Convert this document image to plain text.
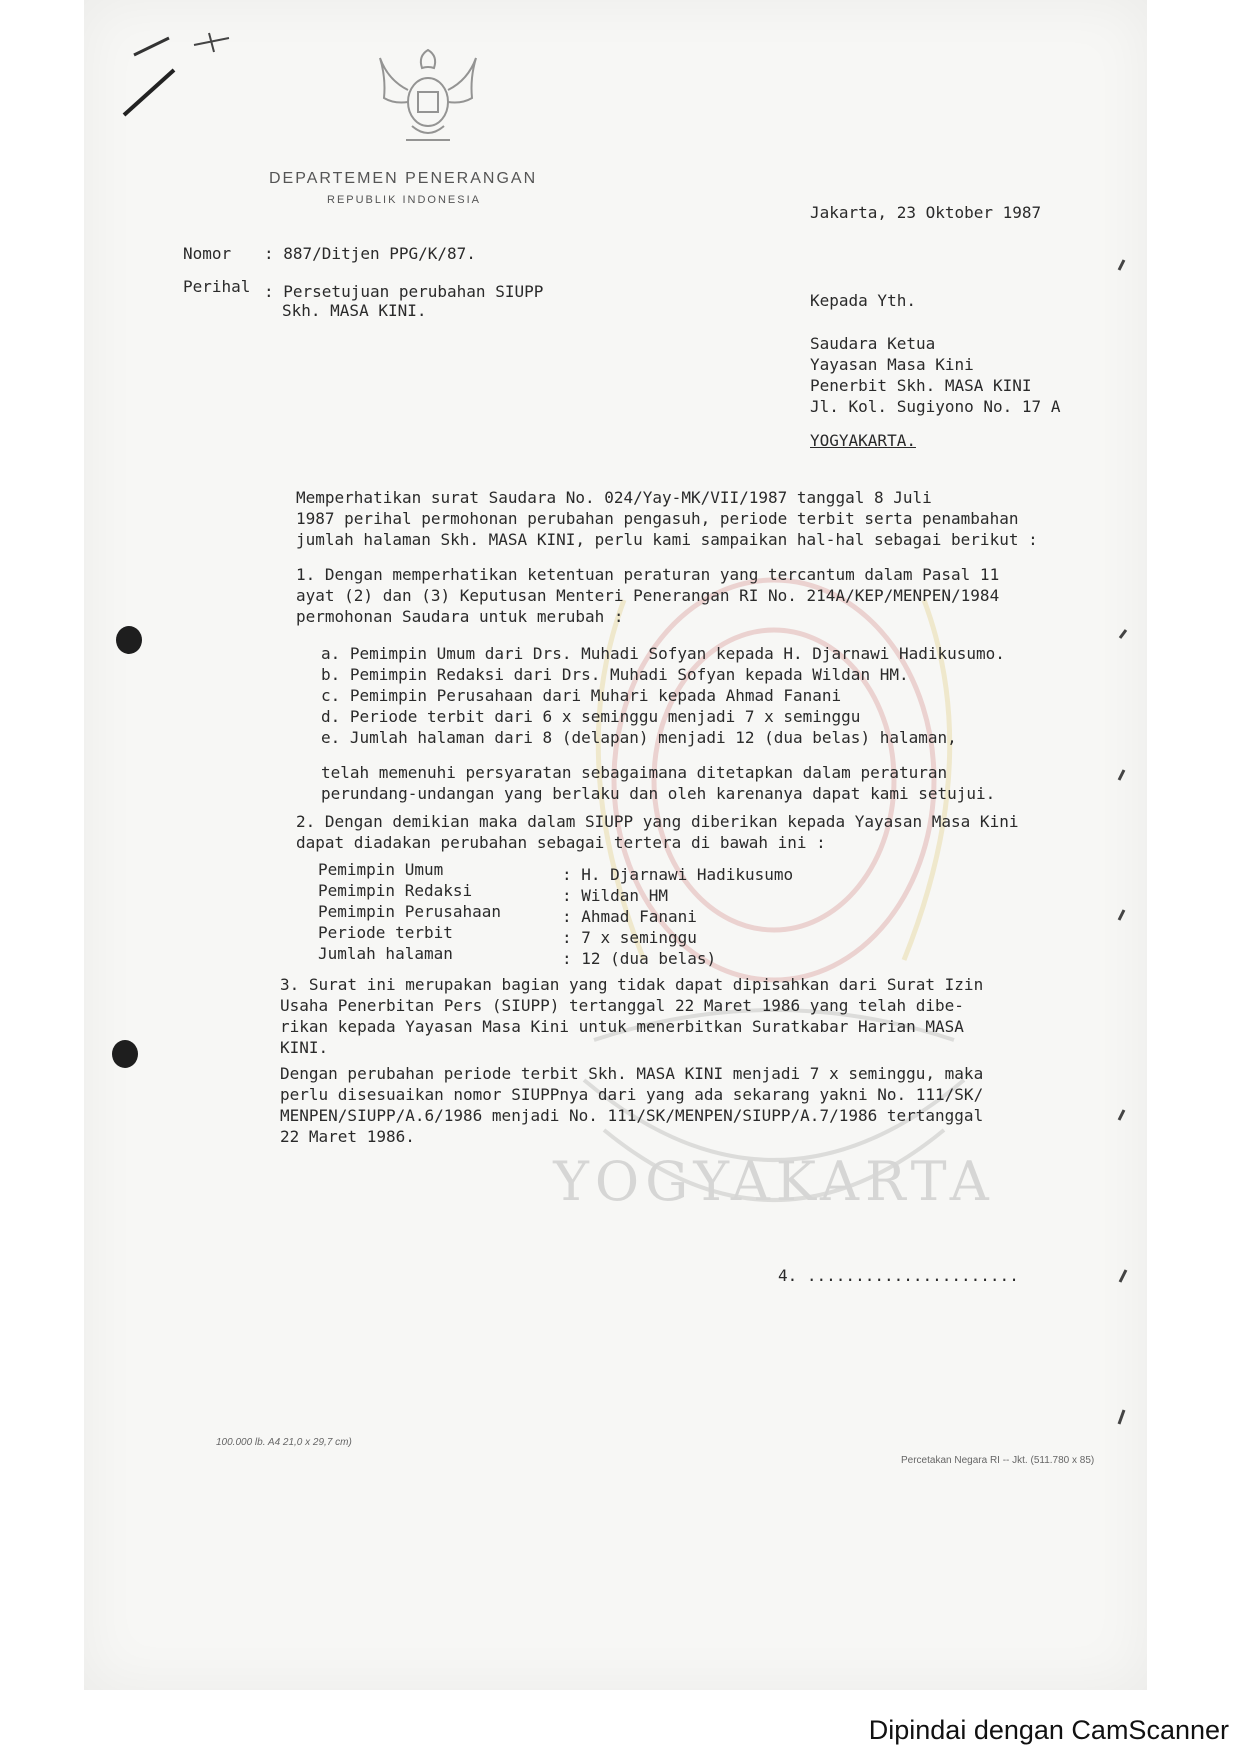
DEPARTEMEN PENERANGAN
REPUBLIK INDONESIA
YOGYAKARTA
Jakarta, 23 Oktober 1987
Nomor : 887/Ditjen PPG/K/87.
Perihal : Persetujuan perubahan SIUPP
Skh. MASA KINI.
Kepada Yth.
Saudara Ketua
Yayasan Masa Kini
Penerbit Skh. MASA KINI
Jl. Kol. Sugiyono No. 17 A
YOGYAKARTA.
Memperhatikan surat Saudara No. 024/Yay-MK/VII/1987 tanggal 8 Juli
1987 perihal permohonan perubahan pengasuh, periode terbit serta penambahan
jumlah halaman Skh. MASA KINI, perlu kami sampaikan hal-hal sebagai berikut :
1. Dengan memperhatikan ketentuan peraturan yang tercantum dalam Pasal 11
ayat (2) dan (3) Keputusan Menteri Penerangan RI No. 214A/KEP/MENPEN/1984
permohonan Saudara untuk merubah :
a. Pemimpin Umum dari Drs. Muhadi Sofyan kepada H. Djarnawi Hadikusumo.
b. Pemimpin Redaksi dari Drs. Muhadi Sofyan kepada Wildan HM.
c. Pemimpin Perusahaan dari Muhari kepada Ahmad Fanani
d. Periode terbit dari 6 x seminggu menjadi 7 x seminggu
e. Jumlah halaman dari 8 (delapan) menjadi 12 (dua belas) halaman,
telah memenuhi persyaratan sebagaimana ditetapkan dalam peraturan
perundang-undangan yang berlaku dan oleh karenanya dapat kami setujui.
2. Dengan demikian maka dalam SIUPP yang diberikan kepada Yayasan Masa Kini
dapat diadakan perubahan sebagai tertera di bawah ini :
Pemimpin Umum	: H. Djarnawi Hadikusumo
Pemimpin Redaksi	: Wildan HM
Pemimpin Perusahaan	: Ahmad Fanani
Periode terbit	: 7 x seminggu
Jumlah halaman	: 12 (dua belas)
3. Surat ini merupakan bagian yang tidak dapat dipisahkan dari Surat Izin
Usaha Penerbitan Pers (SIUPP) tertanggal 22 Maret 1986 yang telah dibe-
rikan kepada Yayasan Masa Kini untuk menerbitkan Suratkabar Harian MASA
KINI.
Dengan perubahan periode terbit Skh. MASA KINI menjadi 7 x seminggu, maka
perlu disesuaikan nomor SIUPPnya dari yang ada sekarang yakni No. 111/SK/
MENPEN/SIUPP/A.6/1986 menjadi No. 111/SK/MENPEN/SIUPP/A.7/1986 tertanggal
22 Maret 1986.
4. ......................
100.000 lb. A4 21,0 x 29,7 cm)
Percetakan Negara RI -- Jkt. (511.780 x 85)
Dipindai dengan CamScanner
